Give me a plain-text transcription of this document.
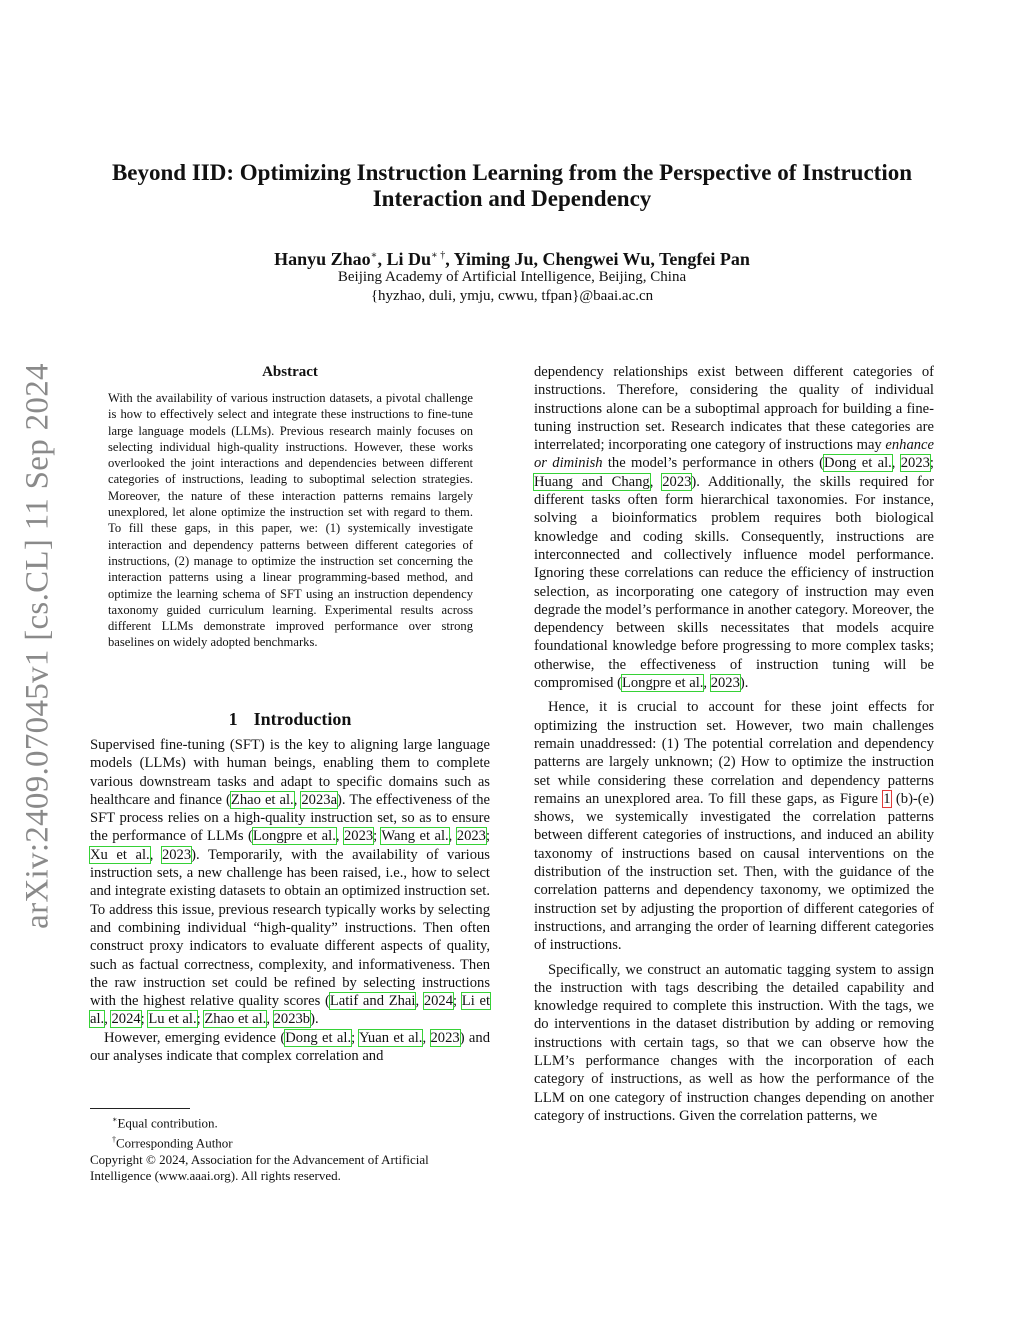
arXiv:2409.07045v1 [cs.CL] 11 Sep 2024
Beyond IID: Optimizing Instruction Learning from the Perspective of Instruction
Interaction and Dependency

Hanyu Zhao∗, Li Du∗ †, Yiming Ju, Chengwei Wu, Tengfei Pan

Beijing Academy of Artificial Intelligence, Beijing, China

{hyzhao, duli, ymju, cwwu, tfpan}@baai.ac.cn

Abstract

With the availability of various instruction datasets, a pivotal challenge is how to effectively select and integrate these instructions to fine-tune large language models (LLMs). Previous research mainly focuses on selecting individual high-quality instructions. However, these works overlooked the joint interactions and dependencies between different categories of instructions, leading to suboptimal selection strategies. Moreover, the nature of these interaction patterns remains largely unexplored, let alone optimize the instruction set with regard to them. To fill these gaps, in this paper, we: (1) systemically investigate interaction and dependency patterns between different categories of instructions, (2) manage to optimize the instruction set concerning the interaction patterns using a linear programming-based method, and optimize the learning schema of SFT using an instruction dependency taxonomy guided curriculum learning. Experimental results across different LLMs demonstrate improved performance over strong baselines on widely adopted benchmarks.

1 Introduction

Supervised fine-tuning (SFT) is the key to aligning large language models (LLMs) with human beings, enabling them to complete various downstream tasks and adapt to specific domains such as healthcare and finance (Zhao et al., 2023a). The effectiveness of the SFT process relies on a high-quality instruction set, so as to ensure the performance of LLMs (Longpre et al., 2023; Wang et al., 2023; Xu et al., 2023). Temporarily, with the availability of various instruction sets, a new challenge has been raised, i.e., how to select and integrate existing datasets to obtain an optimized instruction set. To address this issue, previous research typically works by selecting and combining individual “high-quality” instructions. Then often construct proxy indicators to evaluate different aspects of quality, such as factual correctness, complexity, and informativeness. Then the raw instruction set could be refined by selecting instructions with the highest relative quality scores (Latif and Zhai, 2024; Li et al., 2024; Lu et al.; Zhao et al., 2023b).

However, emerging evidence (Dong et al.; Yuan et al., 2023) and our analyses indicate that complex correlation and

∗Equal contribution.

†Corresponding Author

Copyright © 2024, Association for the Advancement of Artificial Intelligence (www.aaai.org). All rights reserved.

dependency relationships exist between different categories of instructions. Therefore, considering the quality of individual instructions alone can be a suboptimal approach for building a fine-tuning instruction set. Research indicates that these categories are interrelated; incorporating one category of instructions may enhance or diminish the model’s performance in others (Dong et al., 2023; Huang and Chang, 2023). Additionally, the skills required for different tasks often form hierarchical taxonomies. For instance, solving a bioinformatics problem requires both biological knowledge and coding skills. Consequently, instructions are interconnected and collectively influence model performance. Ignoring these correlations can reduce the efficiency of instruction selection, as incorporating one category of instruction may even degrade the model’s performance in another category. Moreover, the dependency between skills necessitates that models acquire foundational knowledge before progressing to more complex tasks; otherwise, the effectiveness of instruction tuning will be compromised (Longpre et al., 2023).

Hence, it is crucial to account for these joint effects for optimizing the instruction set. However, two main challenges remain unaddressed: (1) The potential correlation and dependency patterns are largely unknown; (2) How to optimize the instruction set while considering these correlation and dependency patterns remains an unexplored area. To fill these gaps, as Figure 1 (b)-(e) shows, we systemically investigated the correlation patterns between different categories of instructions, and induced an ability taxonomy of instructions based on causal interventions on the distribution of the instruction set. Then, with the guidance of the correlation patterns and dependency taxonomy, we optimized the instruction set by adjusting the proportion of different categories of instructions, and arranging the order of learning different categories of instructions.

Specifically, we construct an automatic tagging system to assign the instruction with tags describing the detailed capability and knowledge required to complete this instruction. With the tags, we do interventions in the dataset distribution by adding or removing instructions with certain tags, so that we can observe how the LLM’s performance changes with the incorporation of each category of instructions, as well as how the performance of the LLM on one category of instruction changes depending on another category of instructions. Given the correlation patterns, we
